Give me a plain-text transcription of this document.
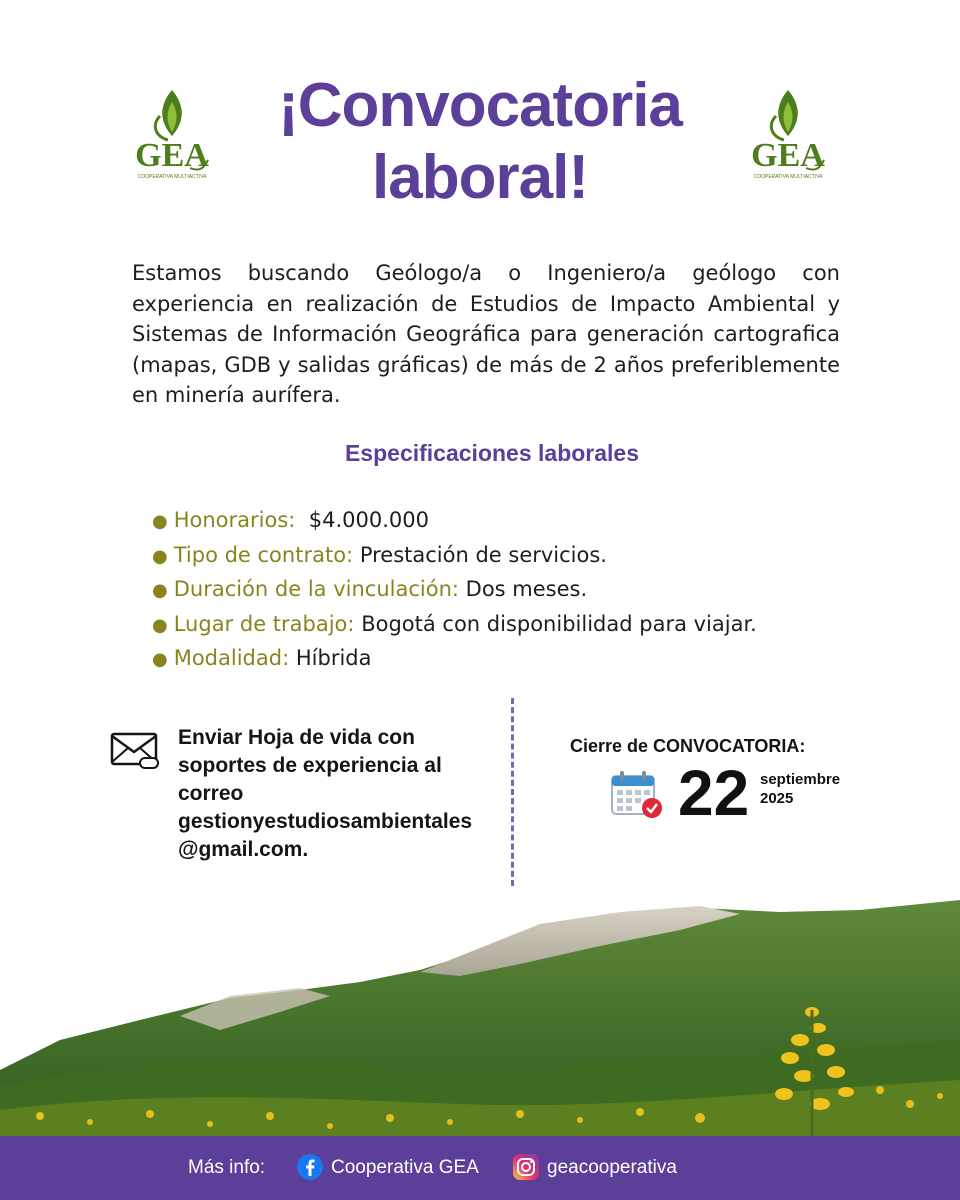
GEA
COOPERATIVA MULTIACTIVA
GEA
COOPERATIVA MULTIACTIVA
¡Convocatoria
laboral!

Estamos buscando Geólogo/a o Ingeniero/a geólogo con experiencia en realización de Estudios de Impacto Ambiental y Sistemas de Información Geográfica para generación cartografica (mapas, GDB y salidas gráficas) de más de 2 años preferiblemente en minería aurífera.

Especificaciones laborales
● Honorarios: $4.000.000
● Tipo de contrato: Prestación de servicios.
● Duración de la vinculación: Dos meses.
● Lugar de trabajo: Bogotá con disponibilidad para viajar.
● Modalidad: Híbrida
Enviar Hoja de vida con
soportes de experiencia al
correo
gestionyestudiosambientales
@gmail.com.
Cierre de CONVOCATORIA:
22 septiembre
2025
Más info:	Cooperativa GEA	geacooperativa
